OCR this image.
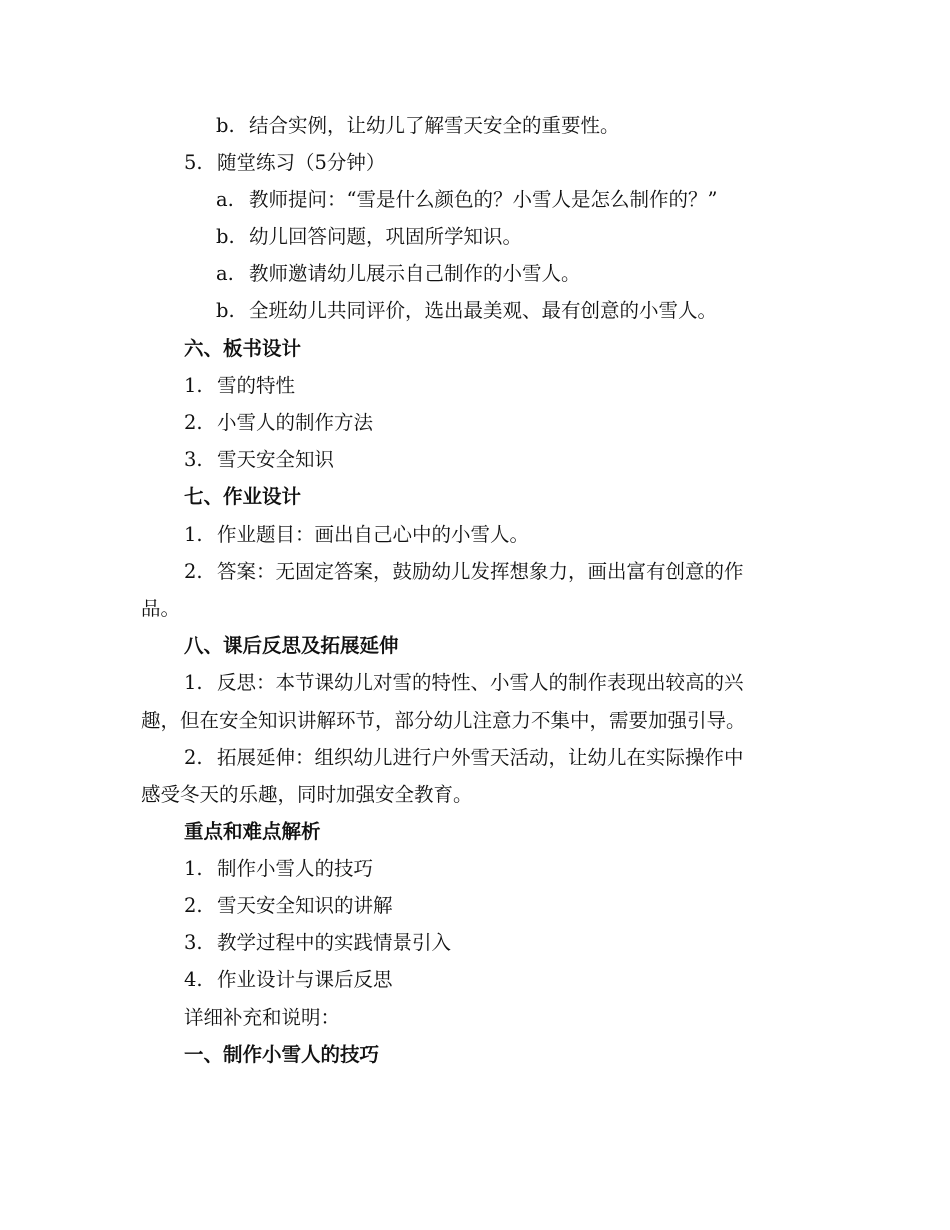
b. 结合实例，让幼儿了解雪天安全的重要性。
5. 随堂练习（5分钟）
a. 教师提问：“雪是什么颜色的？小雪人是怎么制作的？”
b. 幼儿回答问题，巩固所学知识。
a. 教师邀请幼儿展示自己制作的小雪人。
b. 全班幼儿共同评价，选出最美观、最有创意的小雪人。
六、板书设计
1. 雪的特性
2. 小雪人的制作方法
3. 雪天安全知识
七、作业设计
1. 作业题目：画出自己心中的小雪人。
2. 答案：无固定答案，鼓励幼儿发挥想象力，画出富有创意的作
品。
八、课后反思及拓展延伸
1. 反思：本节课幼儿对雪的特性、小雪人的制作表现出较高的兴
趣，但在安全知识讲解环节，部分幼儿注意力不集中，需要加强引导。
2. 拓展延伸：组织幼儿进行户外雪天活动，让幼儿在实际操作中
感受冬天的乐趣，同时加强安全教育。
重点和难点解析
1. 制作小雪人的技巧
2. 雪天安全知识的讲解
3. 教学过程中的实践情景引入
4. 作业设计与课后反思
详细补充和说明：
一、制作小雪人的技巧
